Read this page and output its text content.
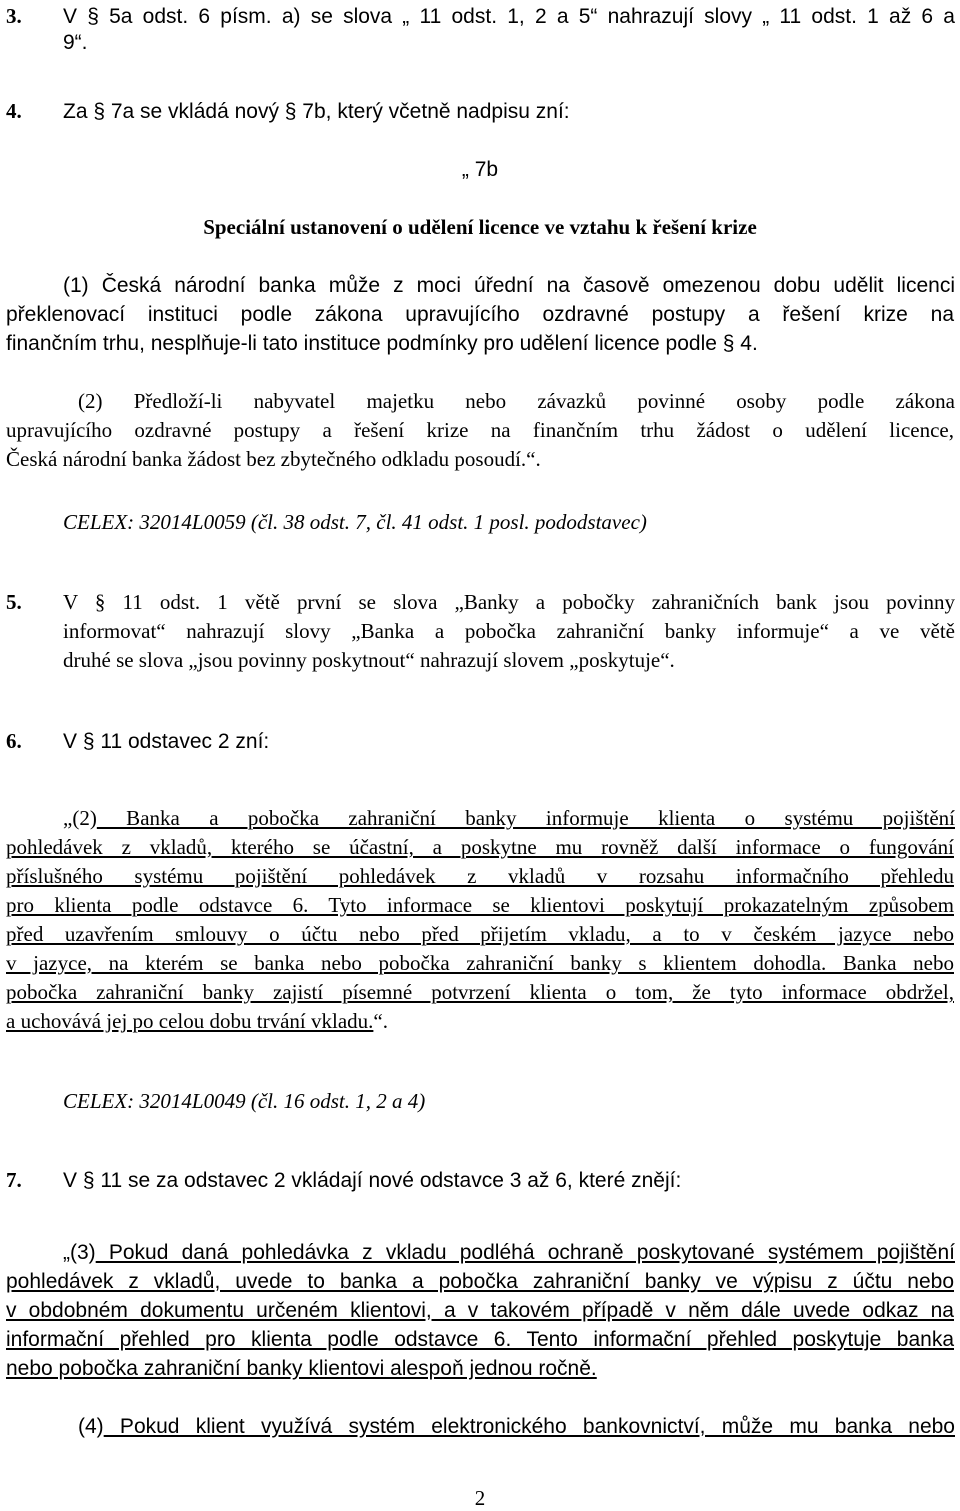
3. V § 5a odst. 6 písm. a) se slova „ 11 odst. 1, 2 a 5“ nahrazují slovy „ 11 odst. 1 až 6 a
9“.
4. Za § 7a se vkládá nový § 7b, který včetně nadpisu zní:
„ 7b
Speciální ustanovení o udělení licence ve vztahu k řešení krize
(1) Česká národní banka může z moci úřední na časově omezenou dobu udělit licenci
překlenovací instituci podle zákona upravujícího ozdravné postupy a řešení krize na
finančním trhu, nesplňuje-li tato instituce podmínky pro udělení licence podle § 4.
(2) Předloží-li nabyvatel majetku nebo závazků povinné osoby podle zákona
upravujícího ozdravné postupy a řešení krize na finančním trhu žádost o udělení licence,
Česká národní banka žádost bez zbytečného odkladu posoudí.“.
CELEX: 32014L0059 (čl. 38 odst. 7, čl. 41 odst. 1 posl. pododstavec)
5. V § 11 odst. 1 větě první se slova „Banky a pobočky zahraničních bank jsou povinny
informovat“ nahrazují slovy „Banka a pobočka zahraniční banky informuje“ a ve větě
druhé se slova „jsou povinny poskytnout“ nahrazují slovem „poskytuje“.
6. V § 11 odstavec 2 zní:
„(2) Banka a pobočka zahraniční banky informuje klienta o systému pojištění
pohledávek z vkladů, kterého se účastní, a poskytne mu rovněž další informace o fungování
příslušného systému pojištění pohledávek z vkladů v rozsahu informačního přehledu
pro klienta podle odstavce 6. Tyto informace se klientovi poskytují prokazatelným způsobem
před uzavřením smlouvy o účtu nebo před přijetím vkladu, a to v českém jazyce nebo
v jazyce, na kterém se banka nebo pobočka zahraniční banky s klientem dohodla. Banka nebo
pobočka zahraniční banky zajistí písemné potvrzení klienta o tom, že tyto informace obdržel,
a uchovává jej po celou dobu trvání vkladu.“.
CELEX: 32014L0049 (čl. 16 odst. 1, 2 a 4)
7. V § 11 se za odstavec 2 vkládají nové odstavce 3 až 6, které znějí:
„(3) Pokud daná pohledávka z vkladu podléhá ochraně poskytované systémem pojištění
pohledávek z vkladů, uvede to banka a pobočka zahraniční banky ve výpisu z účtu nebo
v obdobném dokumentu určeném klientovi, a v takovém případě v něm dále uvede odkaz na
informační přehled pro klienta podle odstavce 6. Tento informační přehled poskytuje banka
nebo pobočka zahraniční banky klientovi alespoň jednou ročně.
(4) Pokud klient využívá systém elektronického bankovnictví, může mu banka nebo
2
